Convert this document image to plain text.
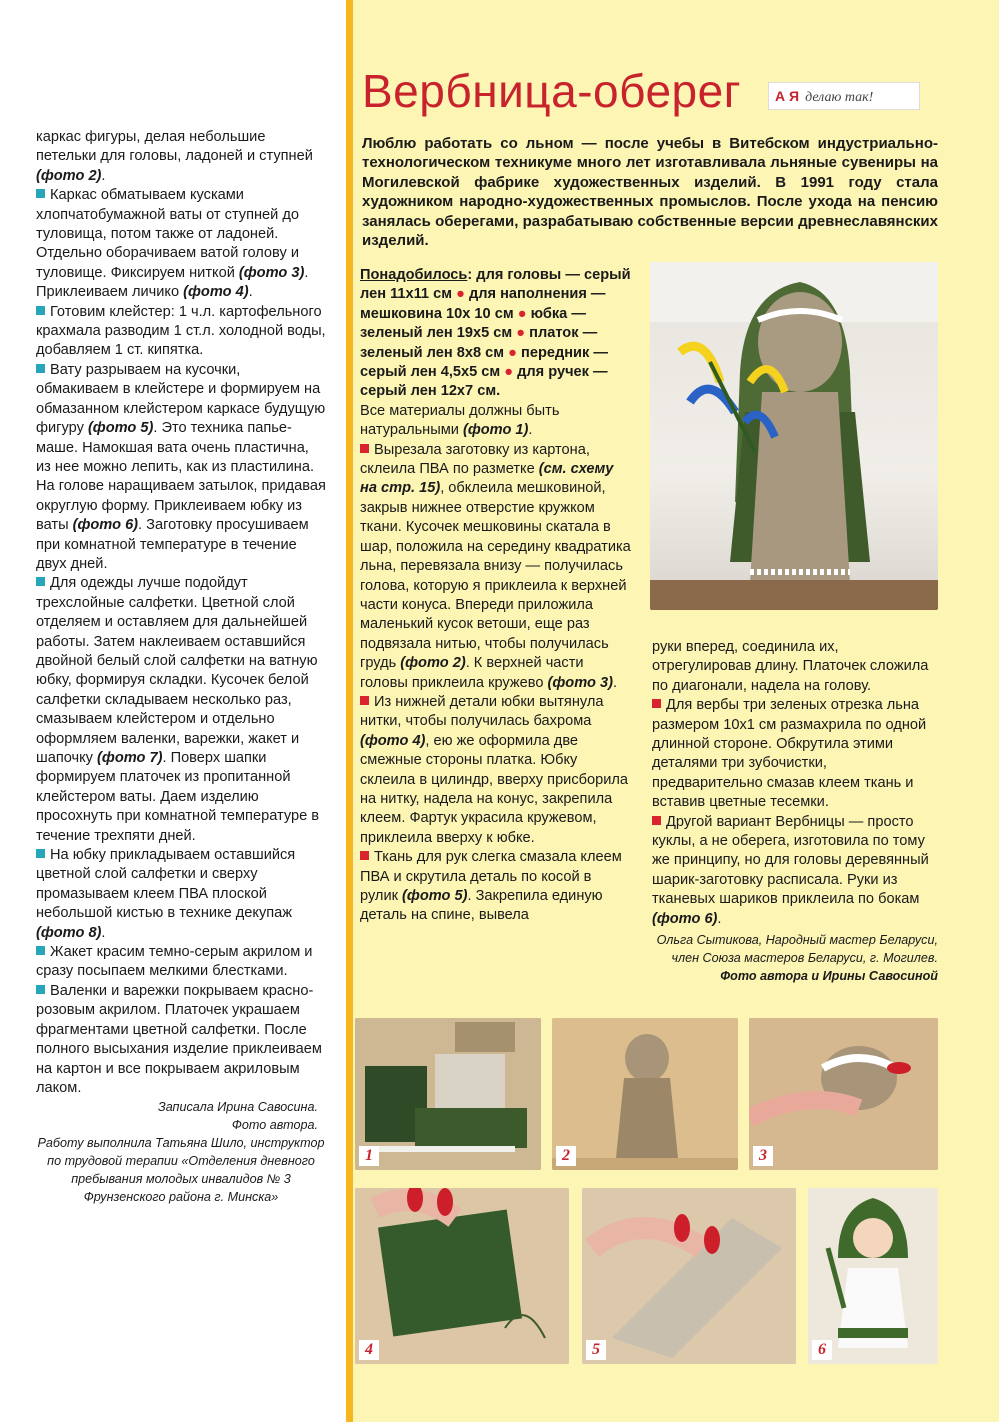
каркас фигуры, делая небольшие петельки для головы, ладоней и ступней (фото 2).

Каркас обматываем кусками хлопчатобумажной ваты от ступней до туловища, потом также от ладоней. Отдельно оборачиваем ватой голову и туловище. Фиксируем ниткой (фото 3). Приклеиваем личико (фото 4).

Готовим клейстер: 1 ч.л. картофельного крахмала разводим 1 ст.л. холодной воды, добавляем 1 ст. кипятка.

Вату разрываем на кусочки, обмакиваем в клейстере и формируем на обмазанном клейстером каркасе будущую фигуру (фото 5). Это техника папье-маше. Намокшая вата очень пластична, из нее можно лепить, как из пластилина. На голове наращиваем затылок, придавая округлую форму. Приклеиваем юбку из ваты (фото 6). Заготовку просушиваем при комнатной температуре в течение двух дней.

Для одежды лучше подойдут трехслойные салфетки. Цветной слой отделяем и оставляем для дальнейшей работы. Затем наклеиваем оставшийся двойной белый слой салфетки на ватную юбку, формируя складки. Кусочек белой салфетки складываем несколько раз, смазываем клейстером и отдельно оформляем валенки, варежки, жакет и шапочку (фото 7). Поверх шапки формируем платочек из пропитанной клейстером ваты. Даем изделию просохнуть при комнатной температуре в течение трехпяти дней.

На юбку прикладываем оставшийся цветной слой салфетки и сверху промазываем клеем ПВА плоской небольшой кистью в технике декупаж (фото 8).

Жакет красим темно-серым акрилом и сразу посыпаем мелкими блестками.

Валенки и варежки покрываем красно-розовым акрилом. Платочек украшаем фрагментами цветной салфетки. После полного высыхания изделие приклеиваем на картон и все покрываем акриловым лаком.

Записала Ирина Савосина.

Фото автора.

Работу выполнила Татьяна Шило, инструктор по трудовой терапии «Отделения дневного пребывания молодых инвалидов № 3 Фрунзенского района г. Минска»

Вербница-оберег	А Я делаю так!
Люблю работать со льном — после учебы в Витебском индустриально-технологическом техникуме много лет изготавливала льняные сувениры на Могилевской фабрике художественных изделий. В 1991 году стала художником народно-художественных промыслов. После ухода на пенсию занялась оберегами, разрабатываю собственные версии древнеславянских изделий.

Понадобилось: для головы — серый лен 11х11 см ● для наполнения — мешковина 10х 10 см ● юбка — зеленый лен 19х5 см ● платок — зеленый лен 8х8 см ● передник — серый лен 4,5х5 см ● для ручек — серый лен 12х7 см.

Все материалы должны быть натуральными (фото 1).

Вырезала заготовку из картона, склеила ПВА по разметке (см. схему на стр. 15), обклеила мешковиной, закрыв нижнее отверстие кружком ткани. Кусочек мешковины скатала в шар, положила на середину квадратика льна, перевязала внизу — получилась голова, которую я приклеила к верхней части конуса. Впереди приложила маленький кусок ветоши, еще раз подвязала нитью, чтобы получилась грудь (фото 2). К верхней части головы приклеила кружево (фото 3).

Из нижней детали юбки вытянула нитки, чтобы получилась бахрома (фото 4), ею же оформила две смежные стороны платка. Юбку склеила в цилиндр, вверху присборила на нитку, надела на конус, закрепила клеем. Фартук украсила кружевом, приклеила вверху к юбке.

Ткань для рук слегка смазала клеем ПВА и скрутила деталь по косой в рулик (фото 5). Закрепила единую деталь на спине, вывела

руки вперед, соединила их, отрегулировав длину. Платочек сложила по диагонали, надела на голову.

Для вербы три зеленых отрезка льна размером 10х1 см размахрила по одной длинной стороне. Обкрутила этими деталями три зубочистки, предварительно смазав клеем ткань и вставив цветные тесемки.

Другой вариант Вербницы — просто куклы, а не оберега, изготовила по тому же принципу, но для головы деревянный шарик-заготовку расписала. Руки из тканевых шариков приклеила по бокам (фото 6).

Ольга Сытикова, Народный мастер Беларуси, член Союза мастеров Беларуси, г. Могилев.

Фото автора и Ирины Савосиной

1	2	3
4	5	6
